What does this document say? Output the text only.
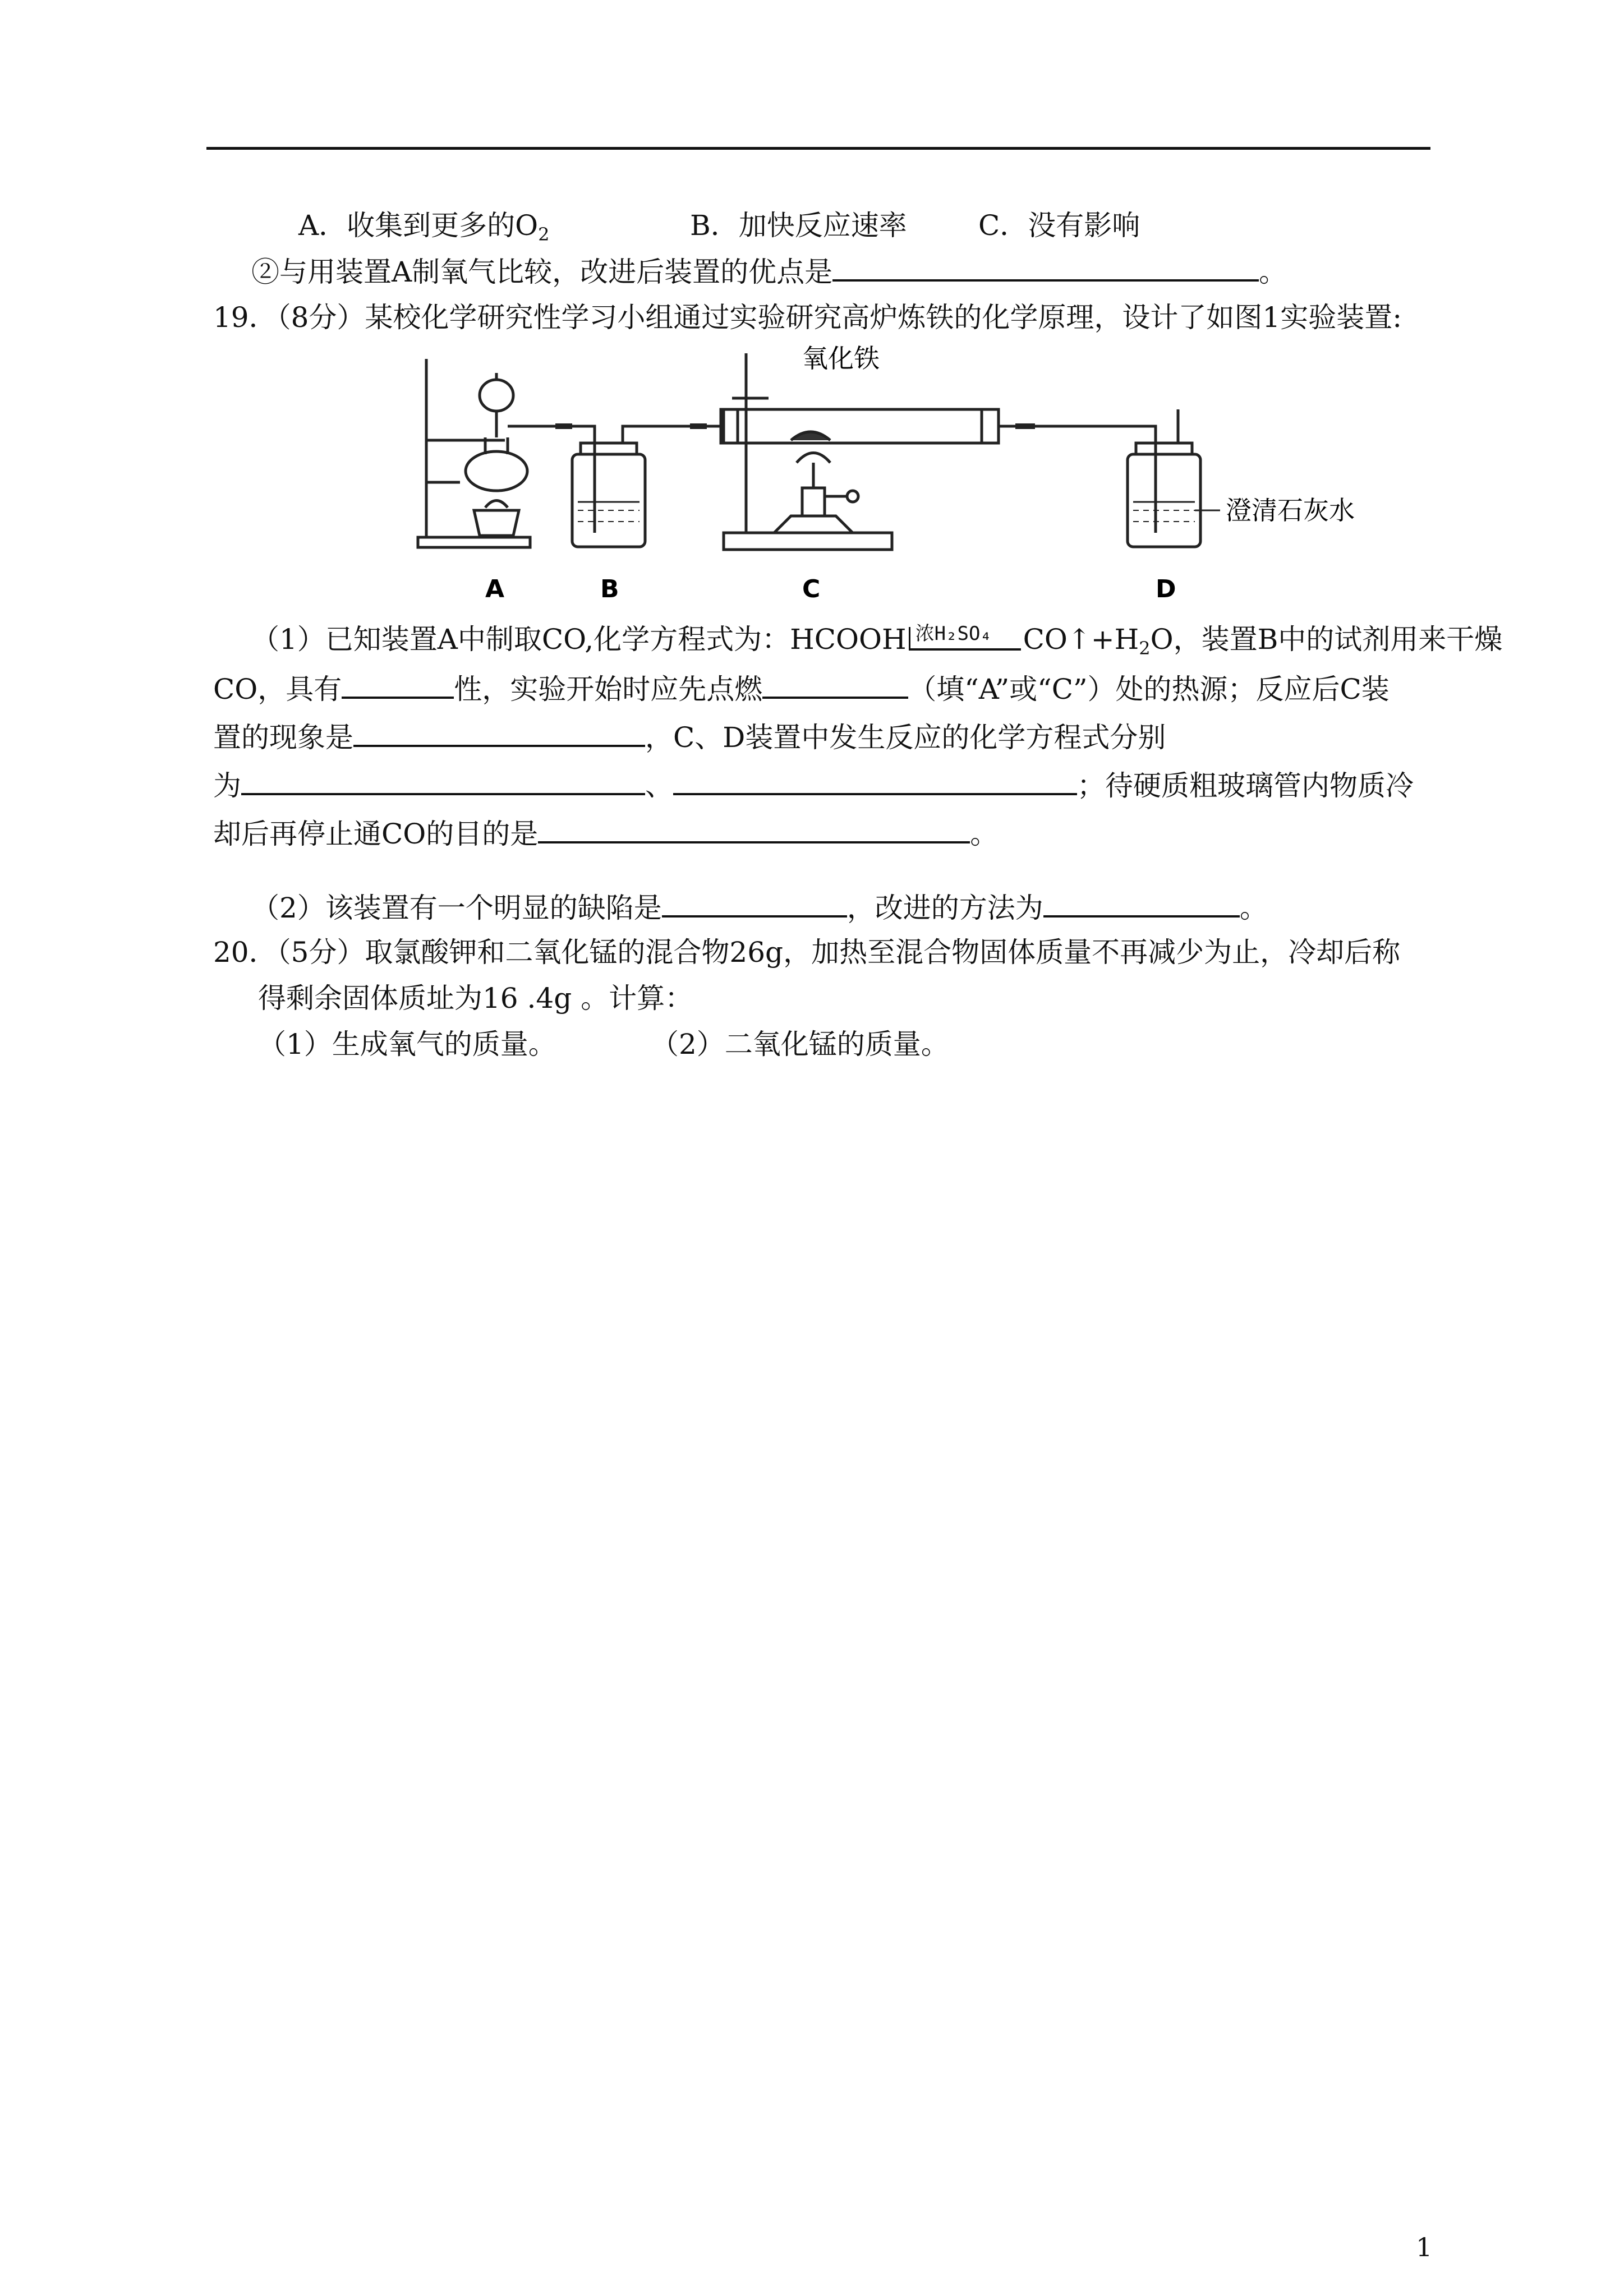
A．收集到更多的$O_2$	B．加快反应速率	C．没有影响
②与用装置A制氧气比较，改进后装置的优点是	。
19．（8分）某校化学研究性学习小组通过实验研究高炉炼铁的化学原理，设计了如图1实验装置:
氧化铁
澄清石灰水
A	B	C	D
（1）已知装置A中制取CO,化学方程式为：HCOOH 浓H₂SO₄ $CO↑+H_2O$，装置B中的试剂用来干燥
CO，具有	性，实验开始时应先点燃	（填“A”或“C”）处的热源；反应后C装
置的现象是	，C、D装置中发生反应的化学方程式分别
为	、	；待硬质粗玻璃管内物质冷
却后再停止通CO的目的是	。
（2）该装置有一个明显的缺陷是	，改进的方法为	。
20．（5分）取氯酸钾和二氧化锰的混合物26g，加热至混合物固体质量不再减少为止，冷却后称
得剩余固体质址为16 .4g 。计算：
（1）生成氧气的质量。	（2）二氧化锰的质量。
1
